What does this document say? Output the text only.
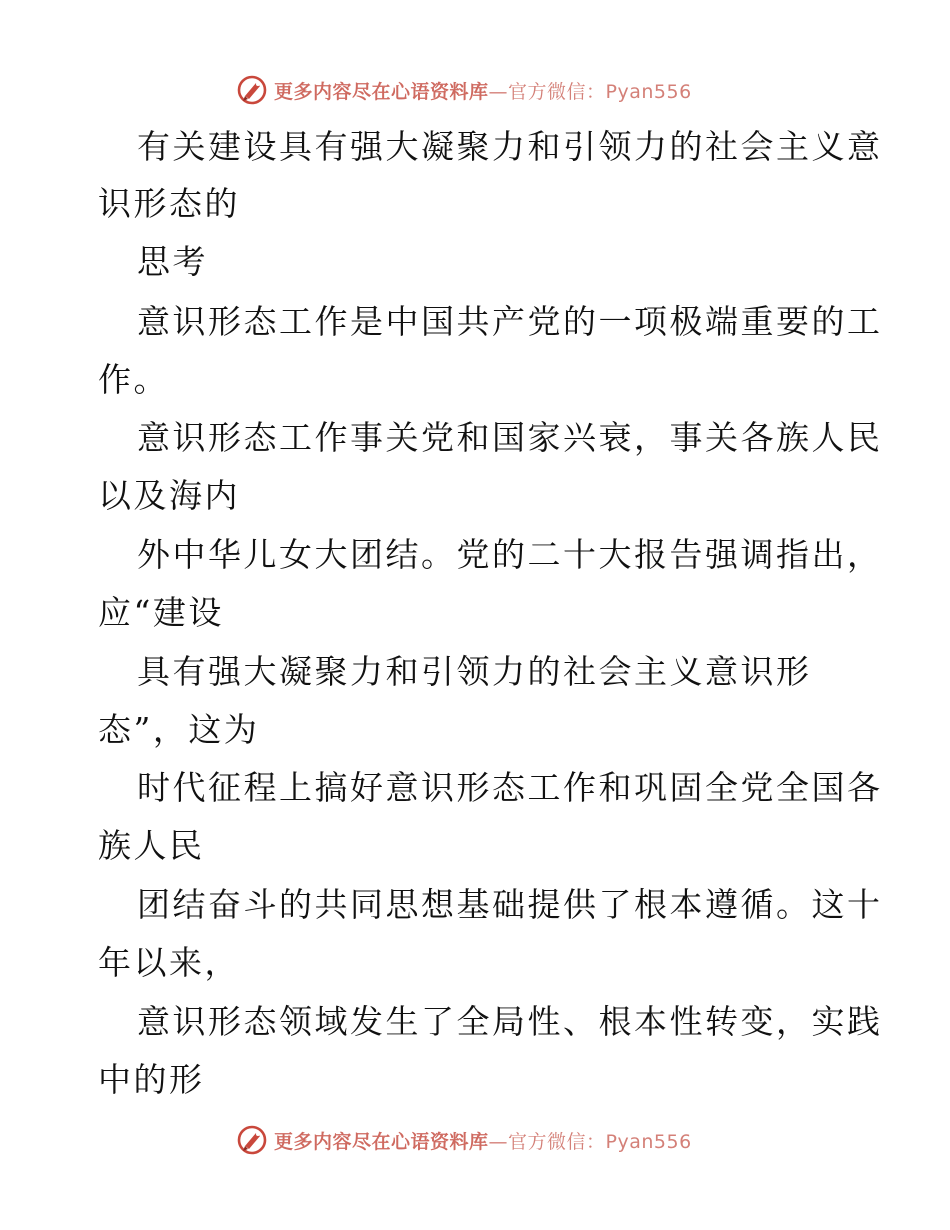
更多内容尽在心语资料库—官方微信：Pyan556
有关建设具有强大凝聚力和引领力的社会主义意
识形态的
思考
意识形态工作是中国共产党的一项极端重要的工
作。
意识形态工作事关党和国家兴衰，事关各族人民
以及海内
外中华儿女大团结。党的二十大报告强调指出，
应“建设
具有强大凝聚力和引领力的社会主义意识形
态”，这为
时代征程上搞好意识形态工作和巩固全党全国各
族人民
团结奋斗的共同思想基础提供了根本遵循。这十
年以来，
意识形态领域发生了全局性、根本性转变，实践
中的形
更多内容尽在心语资料库—官方微信：Pyan556
